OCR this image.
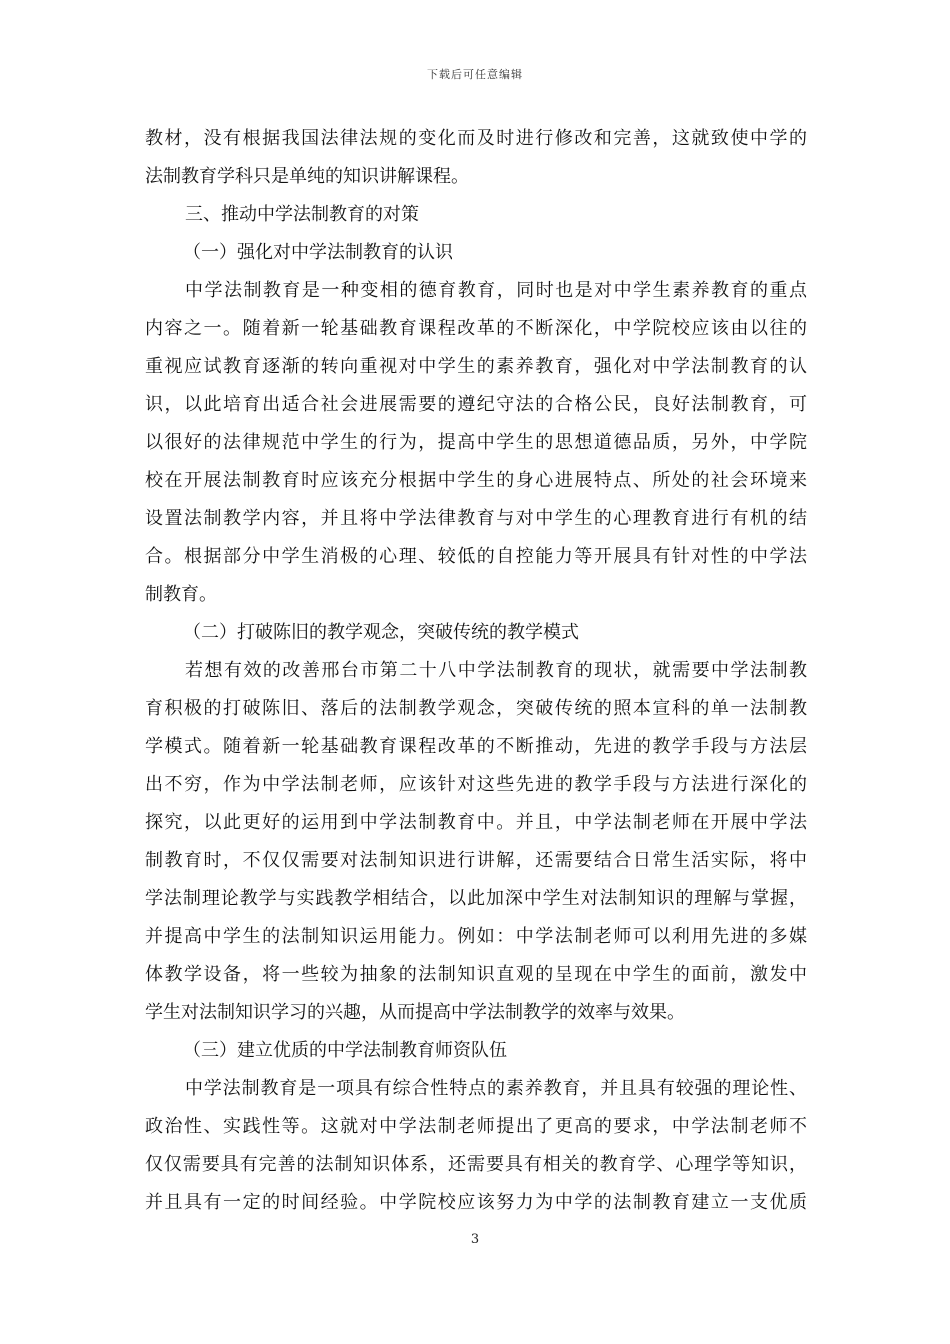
下载后可任意编辑
教材，没有根据我国法律法规的变化而及时进行修改和完善，这就致使中学的
法制教育学科只是单纯的知识讲解课程。
三、推动中学法制教育的对策
（一）强化对中学法制教育的认识
中学法制教育是一种变相的德育教育，同时也是对中学生素养教育的重点
内容之一。随着新一轮基础教育课程改革的不断深化，中学院校应该由以往的
重视应试教育逐渐的转向重视对中学生的素养教育，强化对中学法制教育的认
识，以此培育出适合社会进展需要的遵纪守法的合格公民，良好法制教育，可
以很好的法律规范中学生的行为，提高中学生的思想道德品质，另外，中学院
校在开展法制教育时应该充分根据中学生的身心进展特点、所处的社会环境来
设置法制教学内容，并且将中学法律教育与对中学生的心理教育进行有机的结
合。根据部分中学生消极的心理、较低的自控能力等开展具有针对性的中学法
制教育。
（二）打破陈旧的教学观念，突破传统的教学模式
若想有效的改善邢台市第二十八中学法制教育的现状，就需要中学法制教
育积极的打破陈旧、落后的法制教学观念，突破传统的照本宣科的单一法制教
学模式。随着新一轮基础教育课程改革的不断推动，先进的教学手段与方法层
出不穷，作为中学法制老师，应该针对这些先进的教学手段与方法进行深化的
探究，以此更好的运用到中学法制教育中。并且，中学法制老师在开展中学法
制教育时，不仅仅需要对法制知识进行讲解，还需要结合日常生活实际，将中
学法制理论教学与实践教学相结合，以此加深中学生对法制知识的理解与掌握，
并提高中学生的法制知识运用能力。例如：中学法制老师可以利用先进的多媒
体教学设备，将一些较为抽象的法制知识直观的呈现在中学生的面前，激发中
学生对法制知识学习的兴趣，从而提高中学法制教学的效率与效果。
（三）建立优质的中学法制教育师资队伍
中学法制教育是一项具有综合性特点的素养教育，并且具有较强的理论性、
政治性、实践性等。这就对中学法制老师提出了更高的要求，中学法制老师不
仅仅需要具有完善的法制知识体系，还需要具有相关的教育学、心理学等知识，
并且具有一定的时间经验。中学院校应该努力为中学的法制教育建立一支优质
3
